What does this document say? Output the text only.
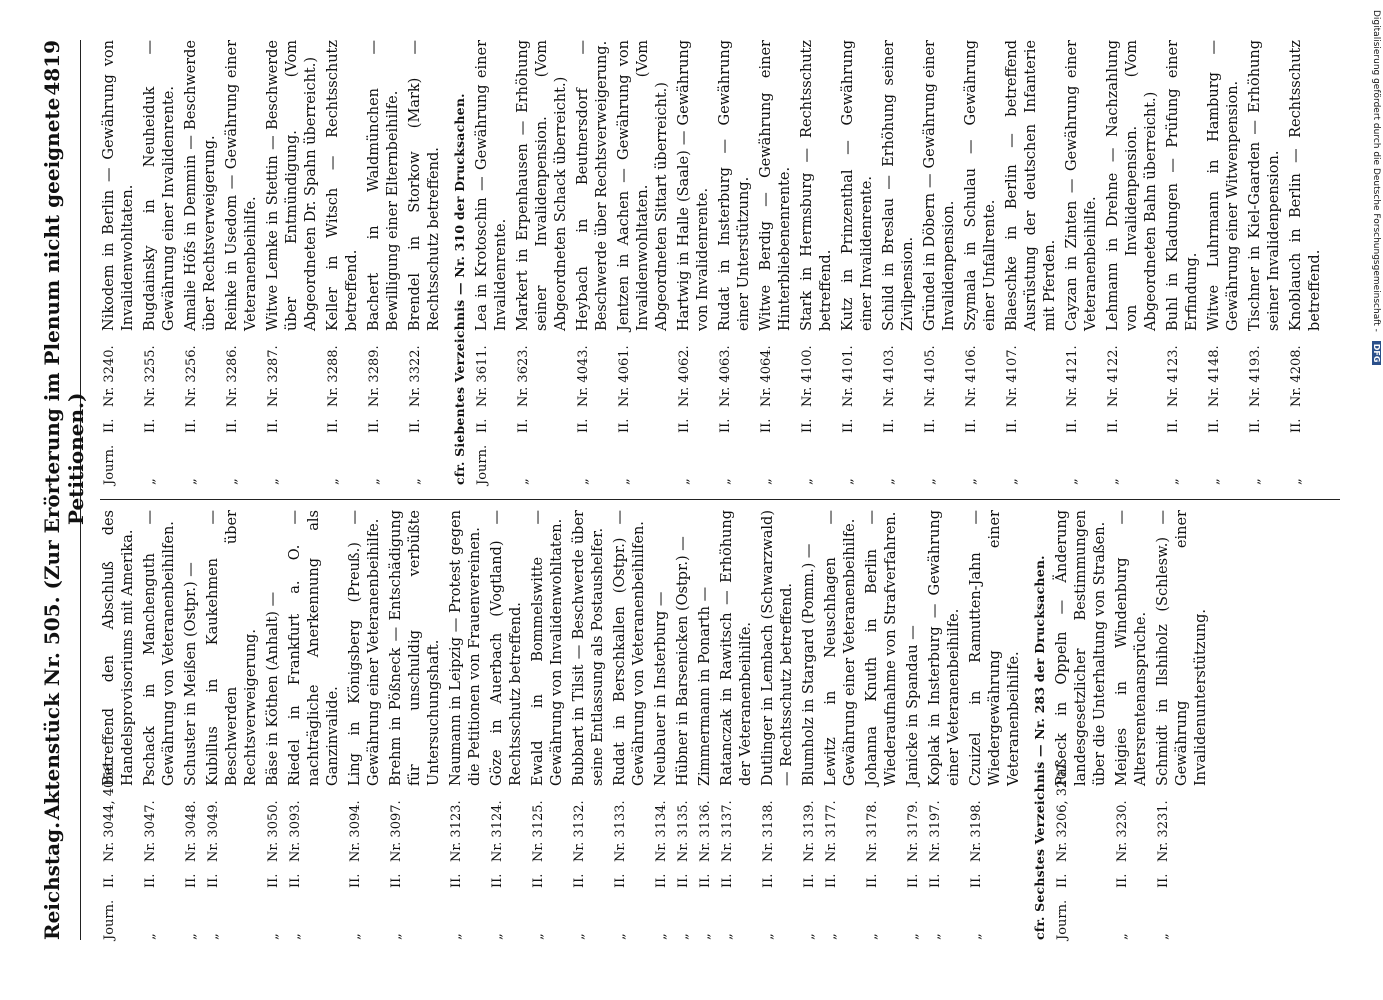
Reichstag.
Aktenstück Nr. 505. (Zur Erörterung im Plenum nicht geeignete Petitionen.)
4819
Journ.
II.
Nr. 3044, 4056.
Betreffend den Abschluß des Handelsprovisoriums mit Amerika.
„
II.
Nr. 3047.
Pschack in Manchenguth — Gewährung von Veteranenbeihilfen.
„
II.
Nr. 3048.
Schuster in Meißen (Ostpr.) —
„
II.
Nr. 3049.
Kubillus in Kaukehmen — Beschwerden über Rechtsverweigerung.
„
II.
Nr. 3050.
Bäse in Köthen (Anhalt) —
„
II.
Nr. 3093.
Riedel in Frankfurt a. O. — nachträgliche Anerkennung als Ganzinvalide.
„
II.
Nr. 3094.
Ling in Königsberg (Preuß.) — Gewährung einer Veteranenbeihilfe.
„
II.
Nr. 3097.
Brehm in Pößneck — Entschädigung für unschuldig verbüßte Untersuchungshaft.
„
II.
Nr. 3123.
Naumann in Leipzig — Protest gegen die Petitionen von Frauenvereinen.
„
II.
Nr. 3124.
Göze in Auerbach (Vogtland) — Rechtsschutz betreffend.
„
II.
Nr. 3125.
Ewald in Bommelswitte — Gewährung von Invalidenwohltaten.
„
II.
Nr. 3132.
Bubbart in Tilsit — Beschwerde über seine Entlassung als Postaushelfer.
„
II.
Nr. 3133.
Rudat in Berschkallen (Ostpr.) — Gewährung von Veteranenbeihilfen.
„
II.
Nr. 3134.
Neubauer in Insterburg —
„
II.
Nr. 3135.
Hübner in Barsenicken (Ostpr.) —
„
II.
Nr. 3136.
Zimmermann in Ponarth —
„
II.
Nr. 3137.
Ratanczak in Rawitsch — Erhöhung der Veteranenbeihilfe.
„
II.
Nr. 3138.
Dutlinger in Lembach (Schwarzwald) — Rechtsschutz betreffend.
„
II.
Nr. 3139.
Blumholz in Stargard (Pomm.) —
„
II.
Nr. 3177.
Lewitz in Neuschhagen — Gewährung einer Veteranenbeihilfe.
„
II.
Nr. 3178.
Johanna Knuth in Berlin — Wiederaufnahme von Strafverfahren.
„
II.
Nr. 3179.
Janicke in Spandau —
„
II.
Nr. 3197.
Koplak in Insterburg — Gewährung einer Veteranenbeihilfe.
„
II.
Nr. 3198.
Czuizel in Ramutten-Jahn — Wiedergewährung einer Veteranenbeihilfe. cfr. Sechstes Verzeichnis — Nr. 283 der Drucksachen. Journ.
II.
Nr. 3206, 3207.
Paßeck in Oppeln — Änderung landesgesetzlicher Bestimmungen über die Unterhaltung von Straßen.
„
II.
Nr. 3230.
Meigies in Windenburg — Altersrentenansprüche.
„
II.
Nr. 3231.
Schmidt in Ilshiholz (Schlesw.) — Gewährung einer Invalidenunterstützung.
Journ.
II.
Nr. 3240.
Nikodem in Berlin — Gewährung von Invalidenwohltaten.
„
II.
Nr. 3255.
Bugdainsky in Neuheiduk — Gewährung einer Invalidenrente.
„
II.
Nr. 3256.
Amalie Höfs in Demmin — Beschwerde über Rechtsverweigerung.
„
II.
Nr. 3286.
Reinke in Usedom — Gewährung einer Veteranenbeihilfe.
„
II.
Nr. 3287.
Witwe Lemke in Stettin — Beschwerde über Entmündigung. (Vom Abgeordneten Dr. Spahn überreicht.)
„
II.
Nr. 3288.
Keller in Witsch — Rechtsschutz betreffend.
„
II.
Nr. 3289.
Bachert in Waldmünchen — Bewilligung einer Elternbeihilfe.
„
II.
Nr. 3322.
Brendel in Storkow (Mark) — Rechtsschutz betreffend. cfr. Siebentes Verzeichnis — Nr. 310 der Drucksachen. Journ.
II.
Nr. 3611.
Lea in Krotoschin — Gewährung einer Invalidenrente.
„
II.
Nr. 3623.
Markert in Erpenhausen — Erhöhung seiner Invalidenpension. (Vom Abgeordneten Schack überreicht.)
„
II.
Nr. 4043.
Heybach in Beutnersdorf — Beschwerde über Rechtsverweigerung.
„
II.
Nr. 4061.
Jentzen in Aachen — Gewährung von Invalidenwohltaten. (Vom Abgeordneten Sittart überreicht.)
„
II.
Nr. 4062.
Hartwig in Halle (Saale) — Gewährung von Invalidenrente.
„
II.
Nr. 4063.
Rudat in Insterburg — Gewährung einer Unterstützung.
„
II.
Nr. 4064.
Witwe Berdig — Gewährung einer Hinterbliebenenrente.
„
II.
Nr. 4100.
Stark in Hermsburg — Rechtsschutz betreffend.
„
II.
Nr. 4101.
Kutz in Prinzenthal — Gewährung einer Invalidenrente.
„
II.
Nr. 4103.
Schild in Breslau — Erhöhung seiner Zivilpension.
„
II.
Nr. 4105.
Gründel in Döbern — Gewährung einer Invalidenpension.
„
II.
Nr. 4106.
Szymala in Schulau — Gewährung einer Unfallrente.
„
II.
Nr. 4107.
Blaeschke in Berlin — betreffend Ausrüstung der deutschen Infanterie mit Pferden.
„
II.
Nr. 4121.
Cayzan in Zinten — Gewährung einer Veteranenbeihilfe.
„
II.
Nr. 4122.
Lehmann in Drehne — Nachzahlung von Invalidenpension. (Vom Abgeordneten Bahn überreicht.)
„
II.
Nr. 4123.
Buhl in Kladungen — Prüfung einer Erfindung.
„
II.
Nr. 4148.
Witwe Luhrmann in Hamburg — Gewährung einer Witwenpension.
„
II.
Nr. 4193.
Tischner in Kiel-Gaarden — Erhöhung seiner Invalidenpension.
„
II.
Nr. 4208.
Knoblauch in Berlin — Rechtsschutz betreffend.	Digitalisierung gefördert durch die Deutsche Forschungsgemeinschaft - DFG
